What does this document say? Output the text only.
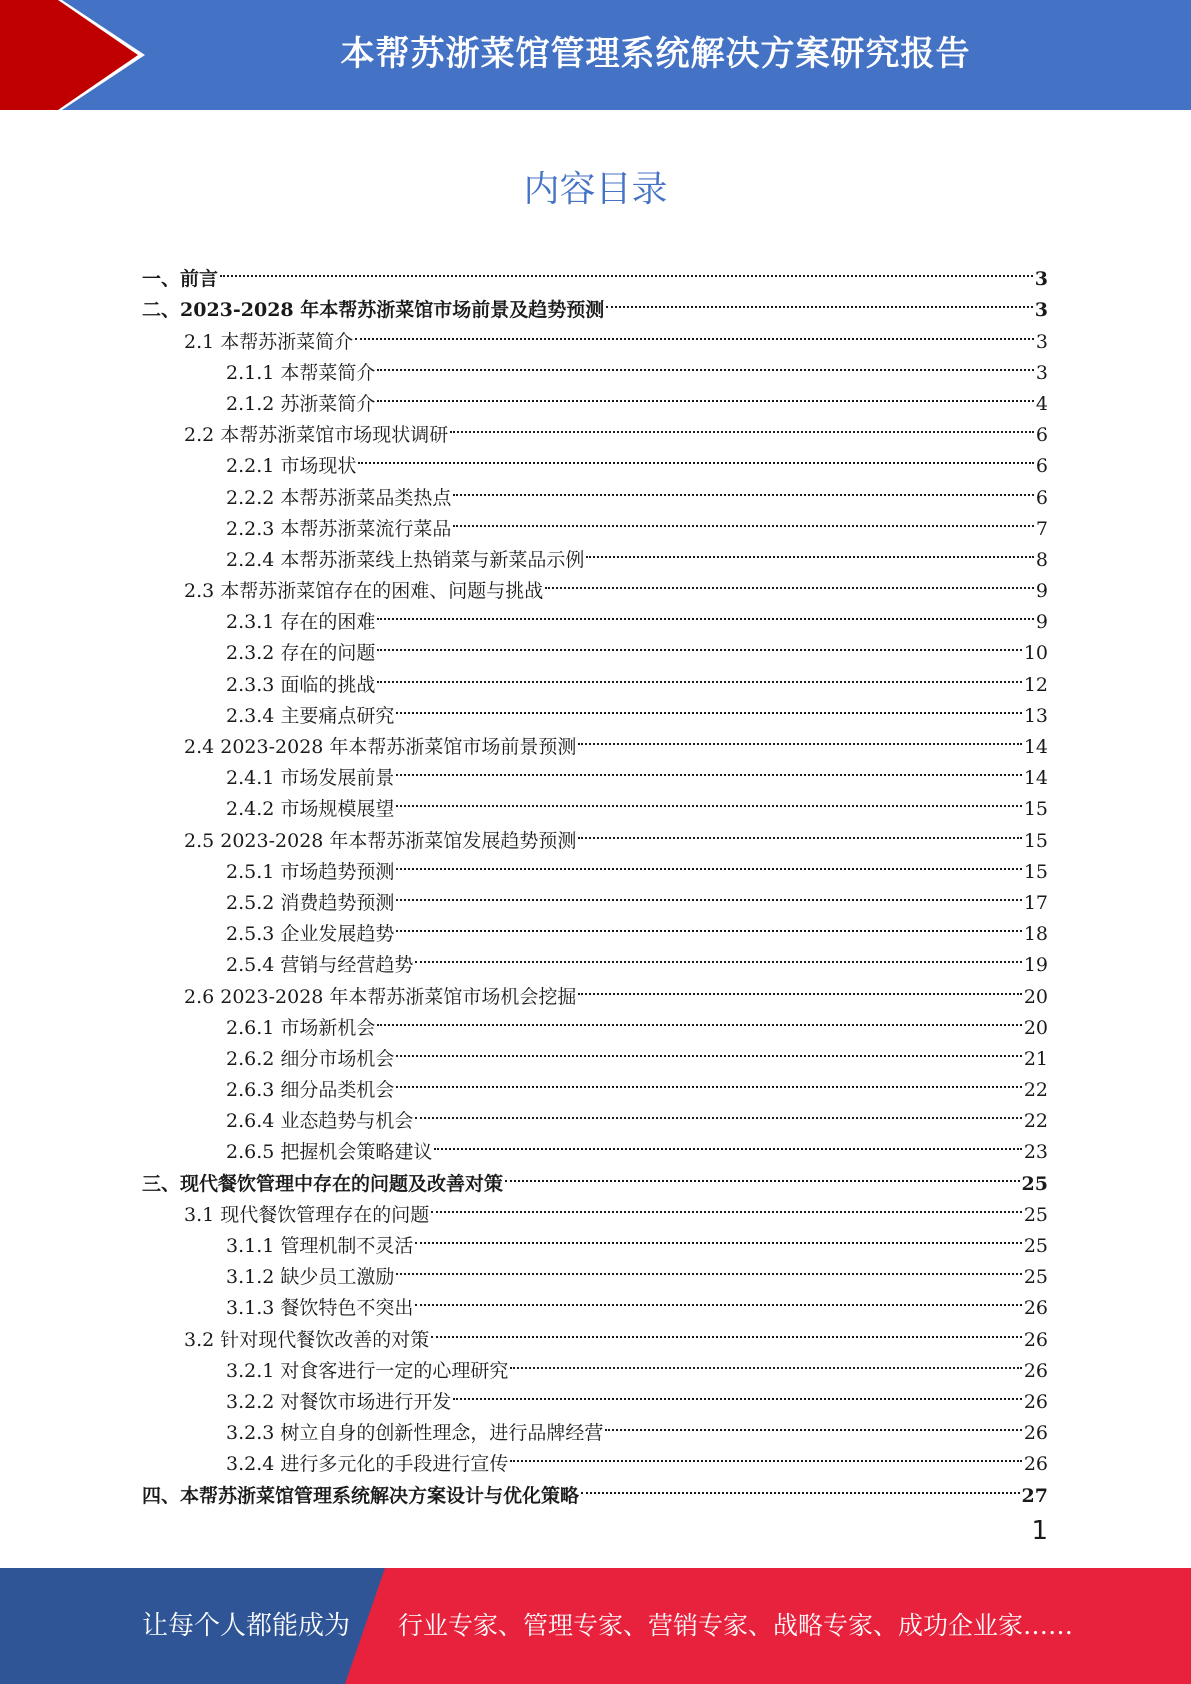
本帮苏浙菜馆管理系统解决方案研究报告
内容目录
一、前言	3
二、2023-2028 年本帮苏浙菜馆市场前景及趋势预测	3
2.1 本帮苏浙菜简介	3
2.1.1 本帮菜简介	3
2.1.2 苏浙菜简介	4
2.2 本帮苏浙菜馆市场现状调研	6
2.2.1 市场现状	6
2.2.2 本帮苏浙菜品类热点	6
2.2.3 本帮苏浙菜流行菜品	7
2.2.4 本帮苏浙菜线上热销菜与新菜品示例	8
2.3 本帮苏浙菜馆存在的困难、问题与挑战	9
2.3.1 存在的困难	9
2.3.2 存在的问题	10
2.3.3 面临的挑战	12
2.3.4 主要痛点研究	13
2.4 2023-2028 年本帮苏浙菜馆市场前景预测	14
2.4.1 市场发展前景	14
2.4.2 市场规模展望	15
2.5 2023-2028 年本帮苏浙菜馆发展趋势预测	15
2.5.1 市场趋势预测	15
2.5.2 消费趋势预测	17
2.5.3 企业发展趋势	18
2.5.4 营销与经营趋势	19
2.6 2023-2028 年本帮苏浙菜馆市场机会挖掘	20
2.6.1 市场新机会	20
2.6.2 细分市场机会	21
2.6.3 细分品类机会	22
2.6.4 业态趋势与机会	22
2.6.5 把握机会策略建议	23
三、现代餐饮管理中存在的问题及改善对策	25
3.1 现代餐饮管理存在的问题	25
3.1.1 管理机制不灵活	25
3.1.2 缺少员工激励	25
3.1.3 餐饮特色不突出	26
3.2 针对现代餐饮改善的对策	26
3.2.1 对食客进行一定的心理研究	26
3.2.2 对餐饮市场进行开发	26
3.2.3 树立自身的创新性理念，进行品牌经营	26
3.2.4 进行多元化的手段进行宣传	26
四、本帮苏浙菜馆管理系统解决方案设计与优化策略	27
1
让每个人都能成为 行业专家、管理专家、营销专家、战略专家、成功企业家……
